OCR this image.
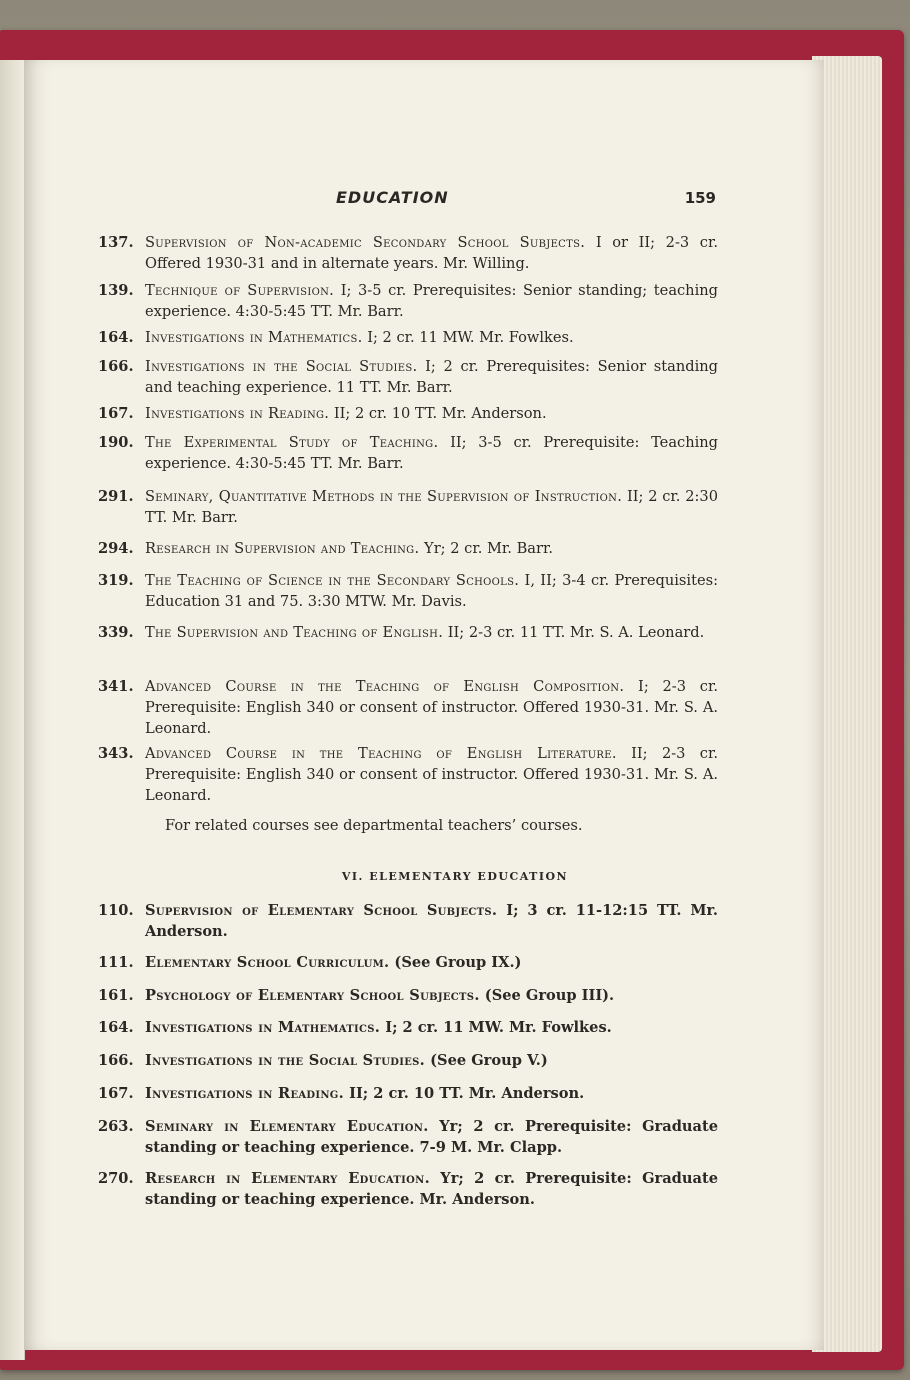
EDUCATION	159
137. Supervision of Non-academic Secondary School Subjects. I or II; 2-3 cr. Offered 1930-31 and in alternate years. Mr. Willing.
139. Technique of Supervision. I; 3-5 cr. Prerequisites: Senior standing; teaching experience. 4:30-5:45 TT. Mr. Barr.
164. Investigations in Mathematics. I; 2 cr. 11 MW. Mr. Fowlkes.
166. Investigations in the Social Studies. I; 2 cr. Prerequisites: Senior standing and teaching experience. 11 TT. Mr. Barr.
167. Investigations in Reading. II; 2 cr. 10 TT. Mr. Anderson.
190. The Experimental Study of Teaching. II; 3-5 cr. Prerequisite: Teaching experience. 4:30-5:45 TT. Mr. Barr.
291. Seminary, Quantitative Methods in the Supervision of Instruction. II; 2 cr. 2:30 TT. Mr. Barr.
294. Research in Supervision and Teaching. Yr; 2 cr. Mr. Barr.
319. The Teaching of Science in the Secondary Schools. I, II; 3-4 cr. Prerequisites: Education 31 and 75. 3:30 MTW. Mr. Davis.
339. The Supervision and Teaching of English. II; 2-3 cr. 11 TT. Mr. S. A. Leonard.
341. Advanced Course in the Teaching of English Composition. I; 2-3 cr. Prerequisite: English 340 or consent of instructor. Offered 1930-31. Mr. S. A. Leonard.
343. Advanced Course in the Teaching of English Literature. II; 2-3 cr. Prerequisite: English 340 or consent of instructor. Offered 1930-31. Mr. S. A. Leonard.
For related courses see departmental teachers’ courses.
VI. ELEMENTARY EDUCATION
110. Supervision of Elementary School Subjects. I; 3 cr. 11-12:15 TT. Mr. Anderson.
111. Elementary School Curriculum. (See Group IX.)
161. Psychology of Elementary School Subjects. (See Group III).
164. Investigations in Mathematics. I; 2 cr. 11 MW. Mr. Fowlkes.
166. Investigations in the Social Studies. (See Group V.)
167. Investigations in Reading. II; 2 cr. 10 TT. Mr. Anderson.
263. Seminary in Elementary Education. Yr; 2 cr. Prerequisite: Graduate standing or teaching experience. 7-9 M. Mr. Clapp.
270. Research in Elementary Education. Yr; 2 cr. Prerequisite: Graduate standing or teaching experience. Mr. Anderson.
